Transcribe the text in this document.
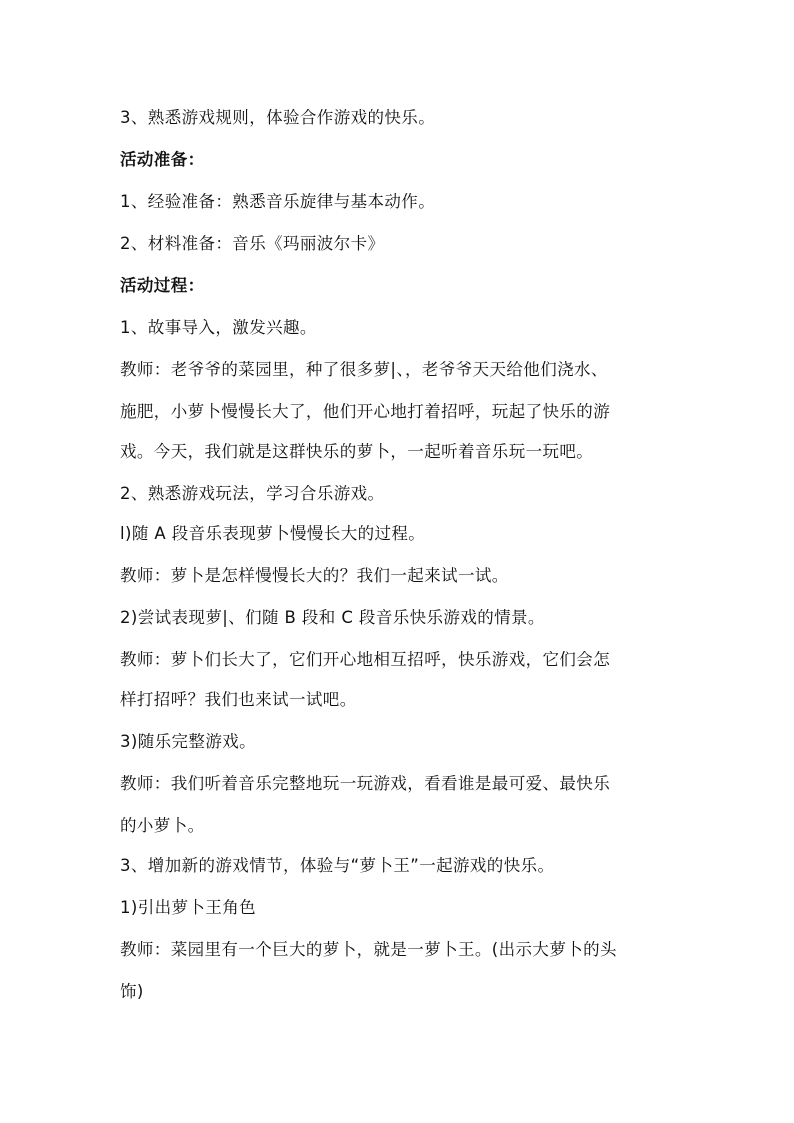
3、熟悉游戏规则，体验合作游戏的快乐。
活动准备：
1、经验准备：熟悉音乐旋律与基本动作。
2、材料准备：音乐《玛丽波尔卡》
活动过程：
1、故事导入，激发兴趣。
教师：老爷爷的菜园里，种了很多萝|、，老爷爷天天给他们浇水、
施肥，小萝卜慢慢长大了，他们开心地打着招呼，玩起了快乐的游
戏。今天，我们就是这群快乐的萝卜，一起听着音乐玩一玩吧。
2、熟悉游戏玩法，学习合乐游戏。
l)随 A 段音乐表现萝卜慢慢长大的过程。
教师：萝卜是怎样慢慢长大的？我们一起来试一试。
2)尝试表现萝|、们随 B 段和 C 段音乐快乐游戏的情景。
教师：萝卜们长大了，它们开心地相互招呼，快乐游戏，它们会怎
样打招呼？我们也来试一试吧。
3)随乐完整游戏。
教师：我们听着音乐完整地玩一玩游戏，看看谁是最可爱、最快乐
的小萝卜。
3、增加新的游戏情节，体验与“萝卜王”一起游戏的快乐。
1)引出萝卜王角色
教师：菜园里有一个巨大的萝卜，就是一萝卜王。(出示大萝卜的头
饰)
